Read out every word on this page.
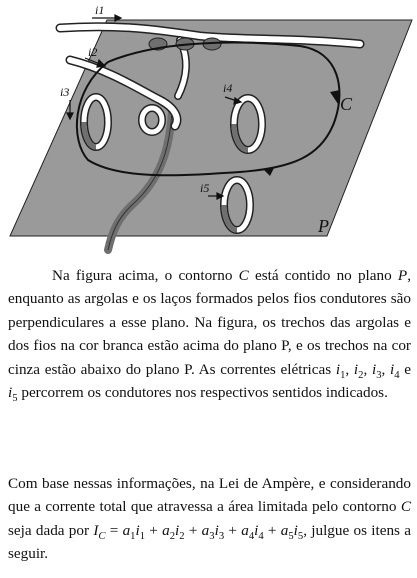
i1
i2
i3	i4
i5
C
P
Na figura acima, o contorno C está contido no plano P, enquanto as argolas e os laços formados pelos fios condutores são perpendiculares a esse plano. Na figura, os trechos das argolas e dos fios na cor branca estão acima do plano P, e os trechos na cor cinza estão abaixo do plano P. As correntes elétricas $i_1$, $i_2$, $i_3$, $i_4$ e $i_5$ percorrem os condutores nos respectivos sentidos indicados.
Com base nessas informações, na Lei de Ampère, e considerando que a corrente total que atravessa a área limitada pelo contorno C seja dada por $I_C = a_1i_1 + a_2i_2 + a_3i_3 + a_4i_4 + a_5i_5$, julgue os itens a seguir.
